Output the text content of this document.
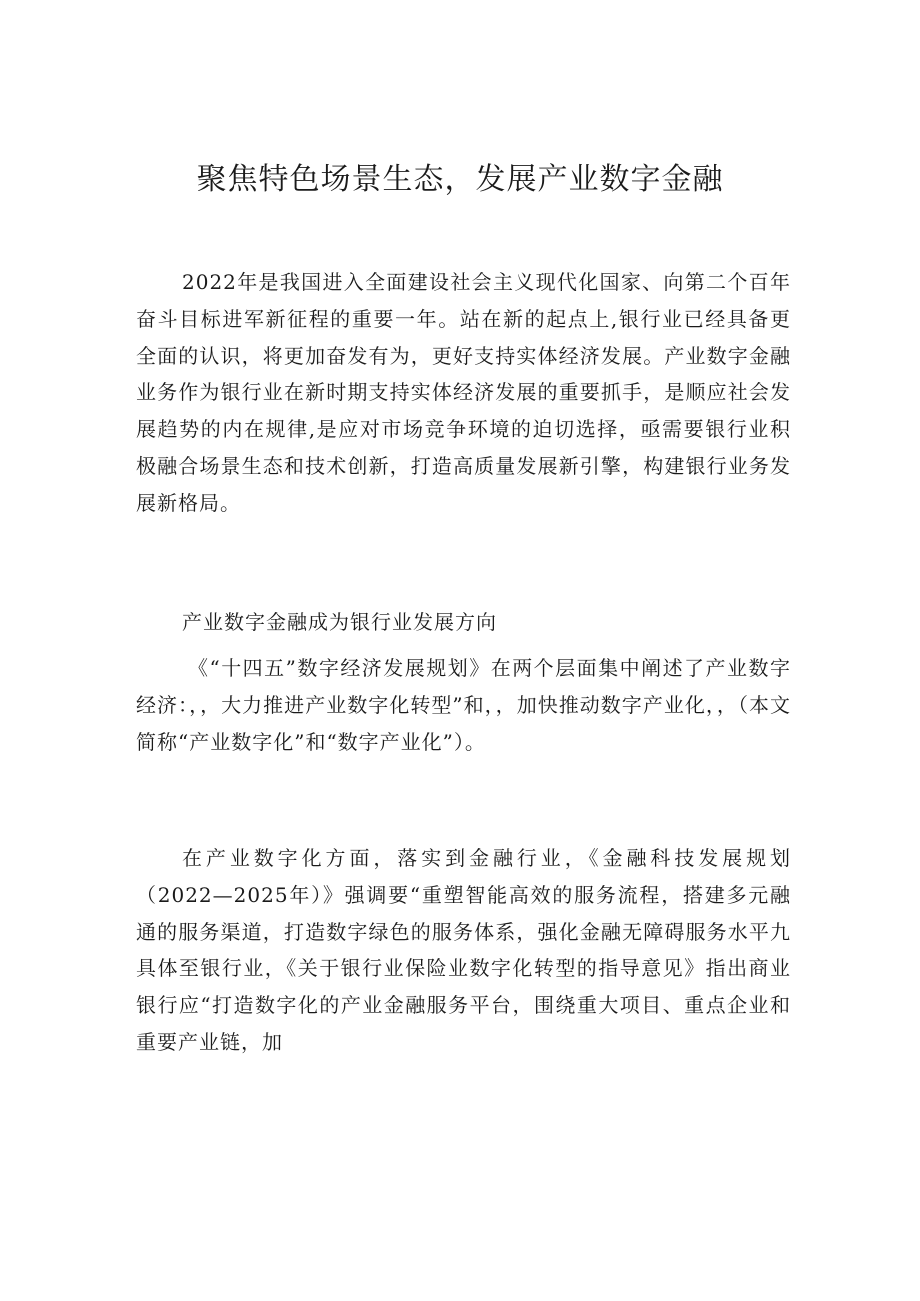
聚焦特色场景生态，发展产业数字金融

2022年是我国进入全面建设社会主义现代化国家、向第二个百年奋斗目标进军新征程的重要一年。站在新的起点上,银行业已经具备更全面的认识，将更加奋发有为，更好支持实体经济发展。产业数字金融业务作为银行业在新时期支持实体经济发展的重要抓手，是顺应社会发展趋势的内在规律,是应对市场竞争环境的迫切选择，亟需要银行业积极融合场景生态和技术创新，打造高质量发展新引擎，构建银行业务发展新格局。

产业数字金融成为银行业发展方向

《“十四五”数字经济发展规划》在两个层面集中阐述了产业数字经济：，，大力推进产业数字化转型”和，，加快推动数字产业化，，（本文简称“产业数字化”和“数字产业化”）。

在产业数字化方面，落实到金融行业，《金融科技发展规划（2022—2025年）》强调要“重塑智能高效的服务流程，搭建多元融通的服务渠道，打造数字绿色的服务体系，强化金融无障碍服务水平九具体至银行业，《关于银行业保险业数字化转型的指导意见》指出商业银行应“打造数字化的产业金融服务平台，围绕重大项目、重点企业和重要产业链，加
